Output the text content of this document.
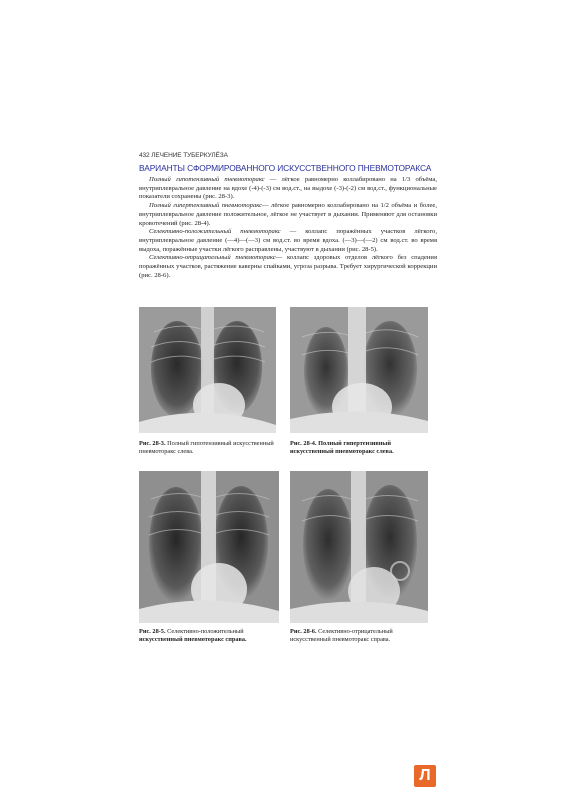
432 ЛЕЧЕНИЕ ТУБЕРКУЛЁЗА
ВАРИАНТЫ СФОРМИРОВАННОГО ИСКУССТВЕННОГО ПНЕВМОТОРАКСА

Полный гипотензивный пневмоторакс — лёгкое равномерно коллабировано на 1/3 объёма, внутриплевральное давление на вдохе (-4)-(-3) см вод.ст., на выдохе (-3)-(-2) см вод.ст., функциональные показатели сохранены (рис. 28-3).

Полный гипертензивный пневмоторакс— лёгкое равномерно коллабировано на 1/2 объёма и более, внутриплевральное давление положительное, лёгкое не участвует в дыхании. Применяют для остановки кровотечений (рис. 28-4).

Селективно-положительный пневмоторакс — коллапс поражённых участков лёгкого, внутриплевральное давление (—4)—(—3) см вод.ст. во время вдоха. (—3)—(—2) см вод.ст. во время выдоха, поражённые участки лёгкого расправлены, участвуют в дыхании (рис. 28-5).

Селективно-отрицательный пневмоторакс— коллапс здоровых отделов лёгкого без спадения поражённых участков, растяжение каверны спайками, угроза разрыва. Требует хирургической коррекции (рис. 28-6).

Рис. 28-3. Полный гипотензивный искусственный пневмоторакс слева.
Рис. 28-4. Полный гипертензивный искусственный пневмоторакс слева.
Рис. 28-5. Селективно-положительный
искусственный пневмоторакс справа.
Рис. 28-6. Селективно-отрицательный искусственный пневмоторакс справа.
Л
